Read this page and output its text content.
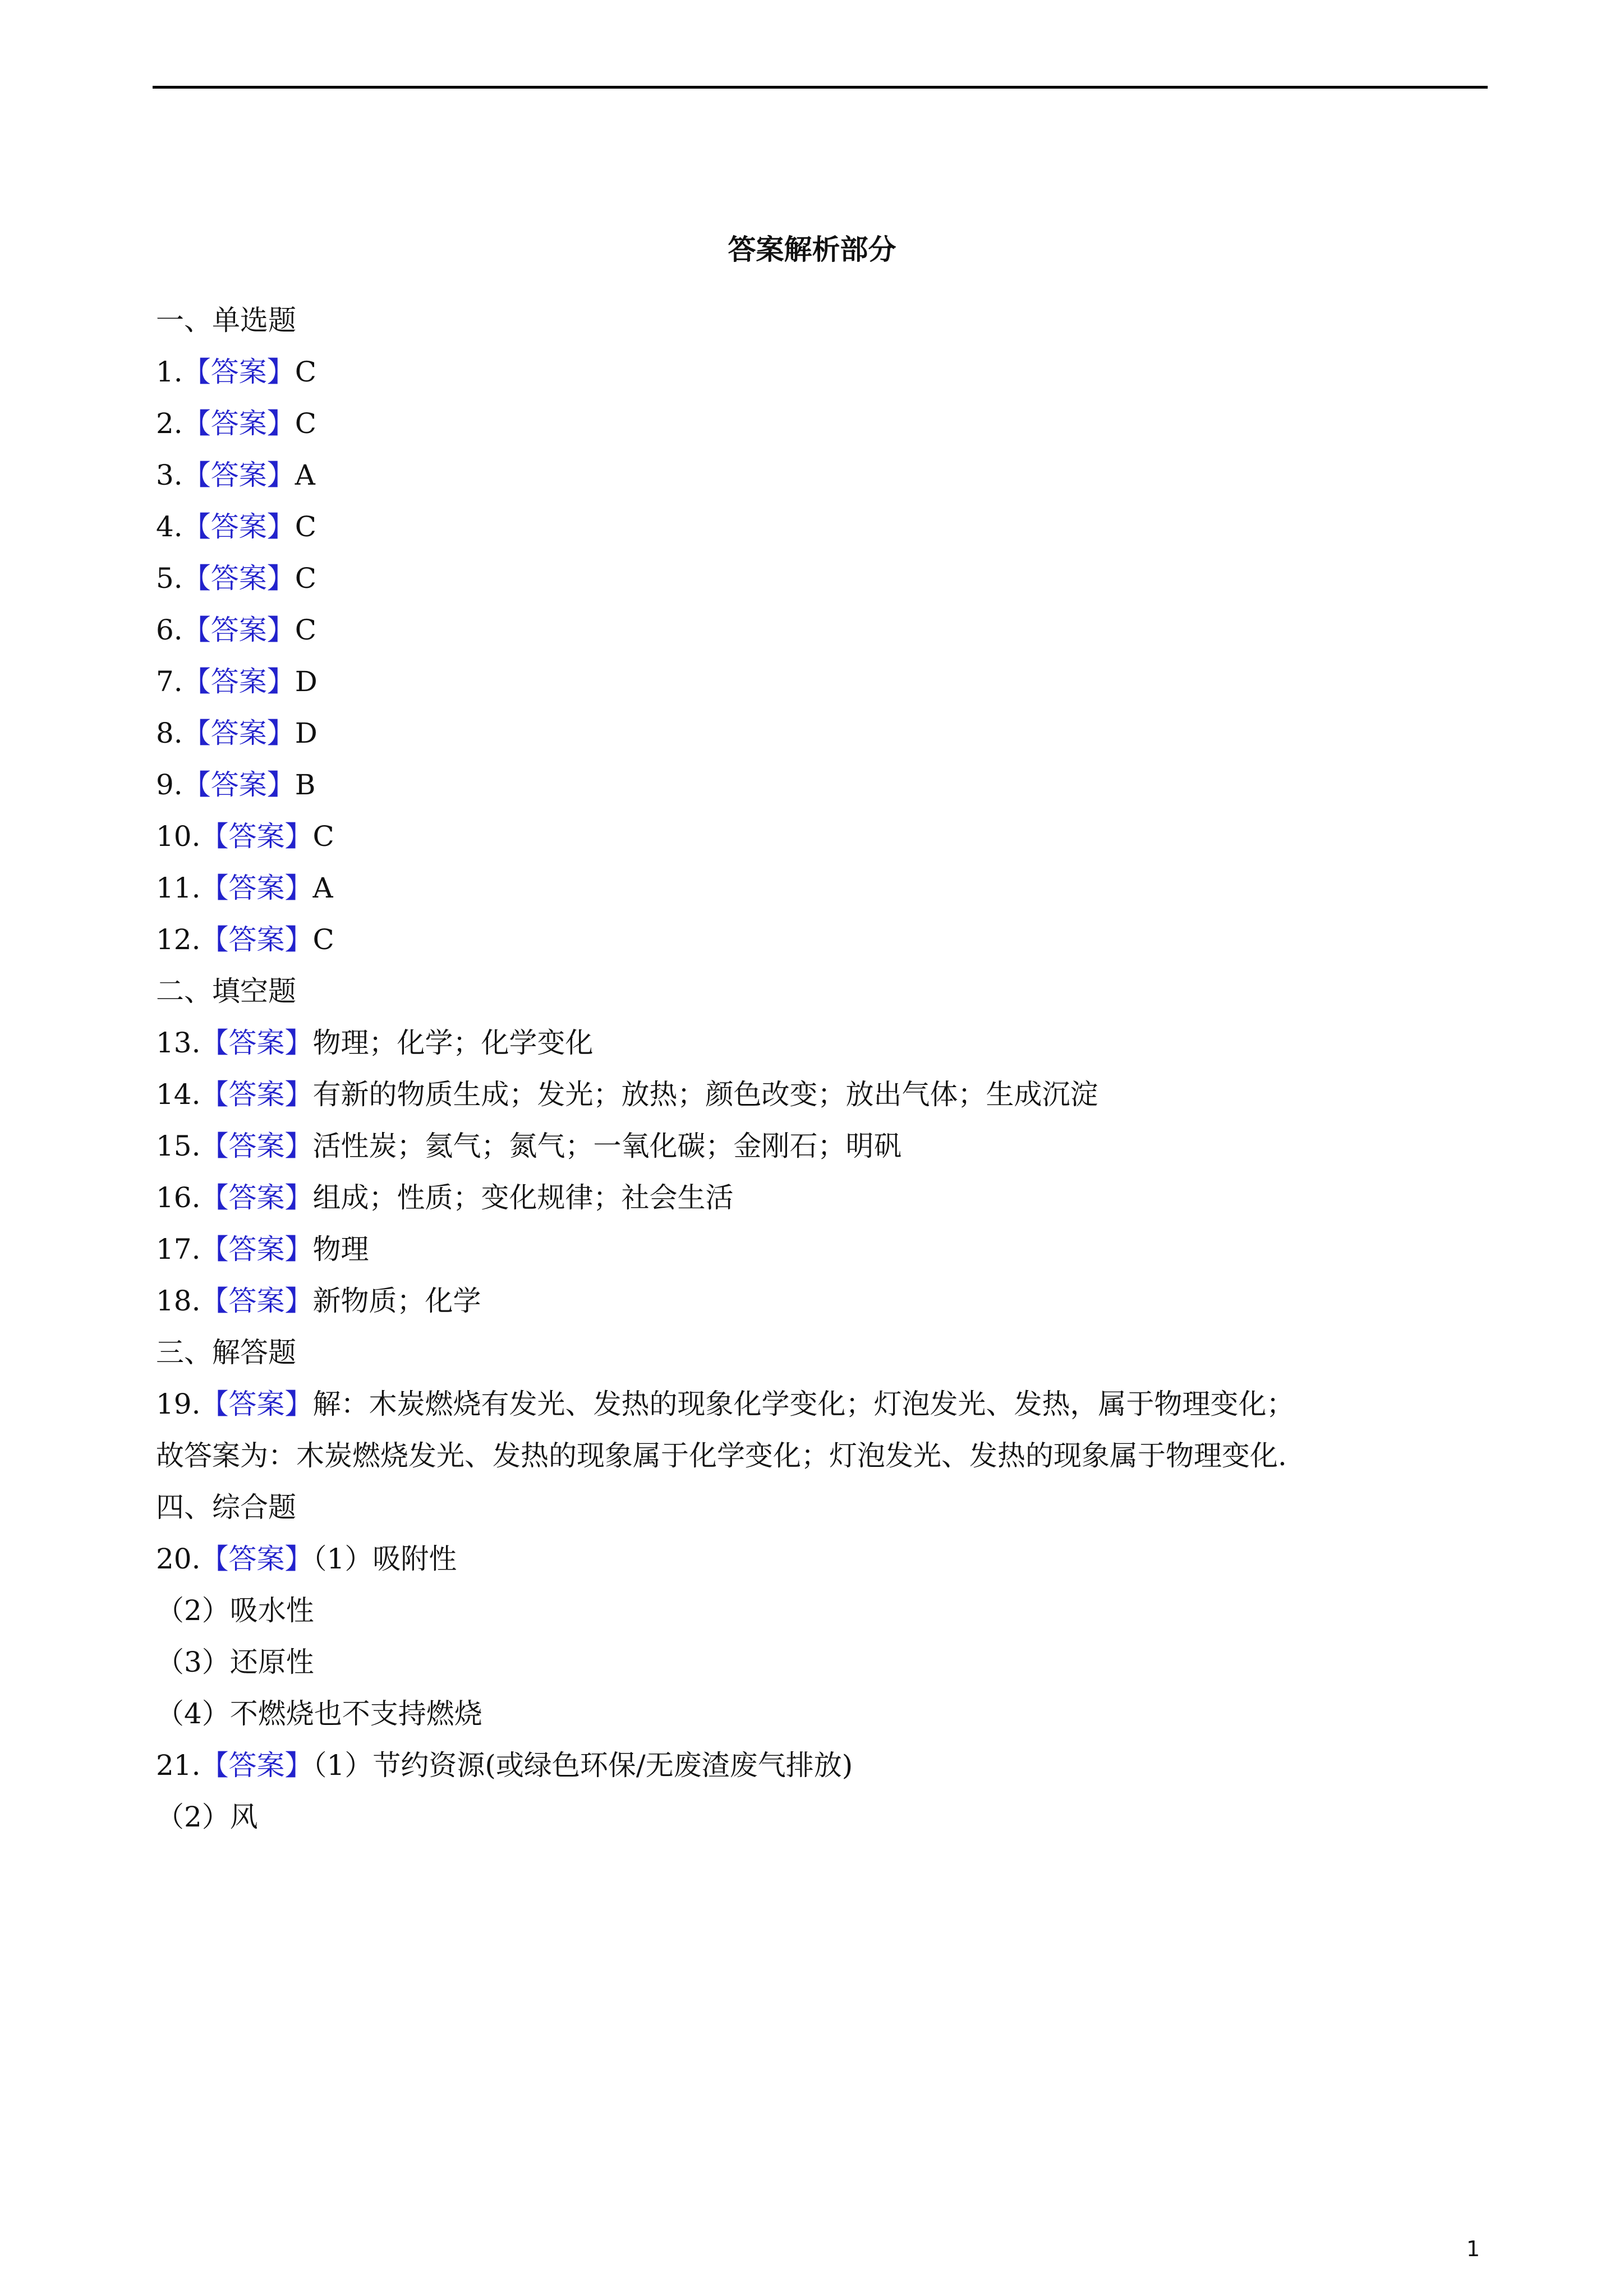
答案解析部分
一、单选题
1.【答案】C
2.【答案】C
3.【答案】A
4.【答案】C
5.【答案】C
6.【答案】C
7.【答案】D
8.【答案】D
9.【答案】B
10.【答案】C
11.【答案】A
12.【答案】C
二、填空题
13.【答案】物理；化学；化学变化
14.【答案】有新的物质生成；发光；放热；颜色改变；放出气体；生成沉淀
15.【答案】活性炭；氦气；氮气；一氧化碳；金刚石；明矾
16.【答案】组成；性质；变化规律；社会生活
17.【答案】物理
18.【答案】新物质；化学
三、解答题
19.【答案】解：木炭燃烧有发光、发热的现象化学变化；灯泡发光、发热，属于物理变化；
故答案为：木炭燃烧发光、发热的现象属于化学变化；灯泡发光、发热的现象属于物理变化.
四、综合题
20.【答案】（1）吸附性
（2）吸水性
（3）还原性
（4）不燃烧也不支持燃烧
21.【答案】（1）节约资源(或绿色环保/无废渣废气排放)
（2）风
1
